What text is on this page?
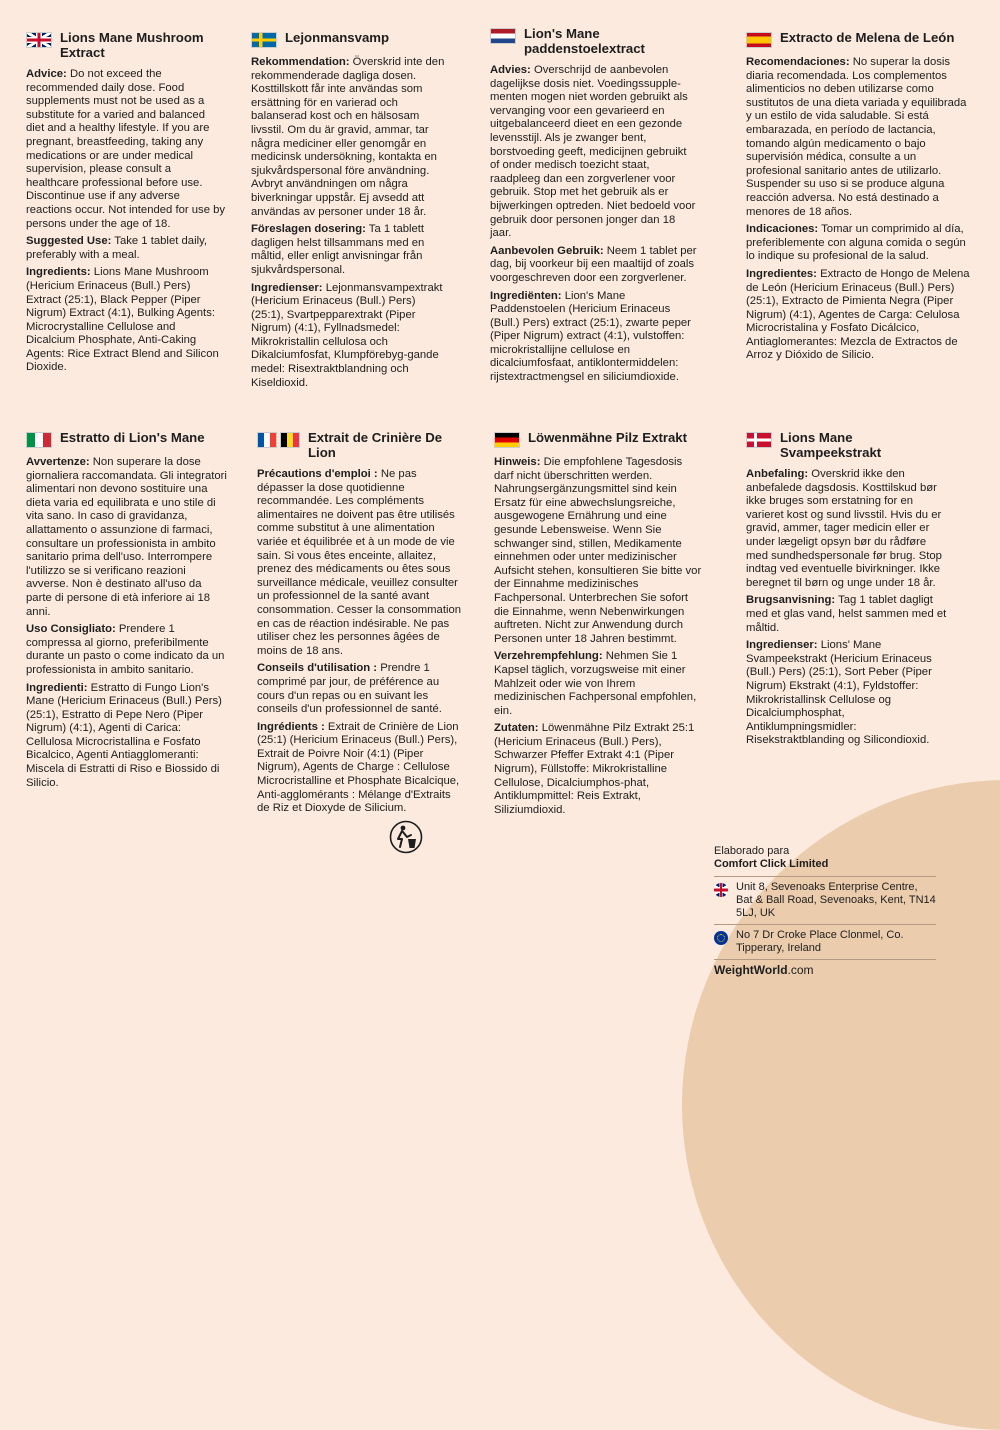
Lions Mane Mushroom Extract

Advice: Do not exceed the recommended daily dose. Food supplements must not be used as a substitute for a varied and balanced diet and a healthy lifestyle. If you are pregnant, breastfeeding, taking any medications or are under medical supervision, please consult a healthcare professional before use. Discontinue use if any adverse reactions occur. Not intended for use by persons under the age of 18.

Suggested Use: Take 1 tablet daily, preferably with a meal.

Ingredients: Lions Mane Mushroom (Hericium Erinaceus (Bull.) Pers) Extract (25:1), Black Pepper (Piper Nigrum) Extract (4:1), Bulking Agents: Microcrystalline Cellulose and Dicalcium Phosphate, Anti-Caking Agents: Rice Extract Blend and Silicon Dioxide.

Lejonmansvamp

Rekommendation: Överskrid inte den rekommenderade dagliga dosen. Kosttillskott får inte användas som ersättning för en varierad och balanserad kost och en hälsosam livsstil. Om du är gravid, ammar, tar några mediciner eller genomgår en medicinsk undersökning, kontakta en sjukvårdspersonal före användning. Avbryt användningen om några biverkningar uppstår. Ej avsedd att användas av personer under 18 år.

Föreslagen dosering: Ta 1 tablett dagligen helst tillsammans med en måltid, eller enligt anvisningar från sjukvårdspersonal.

Ingredienser: Lejonmansvampextrakt (Hericium Erinaceus (Bull.) Pers) (25:1), Svartpepparextrakt (Piper Nigrum) (4:1), Fyllnadsmedel: Mikrokristallin cellulosa och Dikalciumfosfat, Klumpförebyg-gande medel: Risextraktblandning och Kiseldioxid.

Lion's Mane paddenstoelextract

Advies: Overschrijd de aanbevolen dagelijkse dosis niet. Voedingssupple-menten mogen niet worden gebruikt als vervanging voor een gevarieerd en uitgebalanceerd dieet en een gezonde levensstijl. Als je zwanger bent, borstvoeding geeft, medicijnen gebruikt of onder medisch toezicht staat, raadpleeg dan een zorgverlener voor gebruik. Stop met het gebruik als er bijwerkingen optreden. Niet bedoeld voor gebruik door personen jonger dan 18 jaar.

Aanbevolen Gebruik: Neem 1 tablet per dag, bij voorkeur bij een maaltijd of zoals voorgeschreven door een zorgverlener.

Ingrediënten: Lion's Mane Paddenstoelen (Hericium Erinaceus (Bull.) Pers) extract (25:1), zwarte peper (Piper Nigrum) extract (4:1), vulstoffen: microkristallijne cellulose en dicalciumfosfaat, antiklontermiddelen: rijstextractmengsel en siliciumdioxide.

Extracto de Melena de León

Recomendaciones: No superar la dosis diaria recomendada. Los complementos alimenticios no deben utilizarse como sustitutos de una dieta variada y equilibrada y un estilo de vida saludable. Si está embarazada, en período de lactancia, tomando algún medicamento o bajo supervisión médica, consulte a un profesional sanitario antes de utilizarlo. Suspender su uso si se produce alguna reacción adversa. No está destinado a menores de 18 años.

Indicaciones: Tomar un comprimido al día, preferiblemente con alguna comida o según lo indique su profesional de la salud.

Ingredientes: Extracto de Hongo de Melena de León (Hericium Erinaceus (Bull.) Pers) (25:1), Extracto de Pimienta Negra (Piper Nigrum) (4:1), Agentes de Carga: Celulosa Microcristalina y Fosfato Dicálcico, Antiaglomerantes: Mezcla de Extractos de Arroz y Dióxido de Silicio.

Estratto di Lion's Mane

Avvertenze: Non superare la dose giornaliera raccomandata. Gli integratori alimentari non devono sostituire una dieta varia ed equilibrata e uno stile di vita sano. In caso di gravidanza, allattamento o assunzione di farmaci, consultare un professionista in ambito sanitario prima dell'uso. Interrompere l'utilizzo se si verificano reazioni avverse. Non è destinato all'uso da parte di persone di età inferiore ai 18 anni.

Uso Consigliato: Prendere 1 compressa al giorno, preferibilmente durante un pasto o come indicato da un professionista in ambito sanitario.

Ingredienti: Estratto di Fungo Lion's Mane (Hericium Erinaceus (Bull.) Pers) (25:1), Estratto di Pepe Nero (Piper Nigrum) (4:1), Agenti di Carica: Cellulosa Microcristallina e Fosfato Bicalcico, Agenti Antiagglomeranti: Miscela di Estratti di Riso e Biossido di Silicio.

Extrait de Crinière De Lion

Précautions d'emploi : Ne pas dépasser la dose quotidienne recommandée. Les compléments alimentaires ne doivent pas être utilisés comme substitut à une alimentation variée et équilibrée et à un mode de vie sain. Si vous êtes enceinte, allaitez, prenez des médicaments ou êtes sous surveillance médicale, veuillez consulter un professionnel de la santé avant consommation. Cesser la consommation en cas de réaction indésirable. Ne pas utiliser chez les personnes âgées de moins de 18 ans.

Conseils d'utilisation : Prendre 1 comprimé par jour, de préférence au cours d'un repas ou en suivant les conseils d'un professionnel de santé.

Ingrédients : Extrait de Crinière de Lion (25:1) (Hericium Erinaceus (Bull.) Pers), Extrait de Poivre Noir (4:1) (Piper Nigrum), Agents de Charge : Cellulose Microcristalline et Phosphate Bicalcique, Anti-agglomérants : Mélange d'Extraits de Riz et Dioxyde de Silicium.

Löwenmähne Pilz Extrakt

Hinweis: Die empfohlene Tagesdosis darf nicht überschritten werden. Nahrungsergänzungsmittel sind kein Ersatz für eine abwechslungsreiche, ausgewogene Ernährung und eine gesunde Lebensweise. Wenn Sie schwanger sind, stillen, Medikamente einnehmen oder unter medizinischer Aufsicht stehen, konsultieren Sie bitte vor der Einnahme medizinisches Fachpersonal. Unterbrechen Sie sofort die Einnahme, wenn Nebenwirkungen auftreten. Nicht zur Anwendung durch Personen unter 18 Jahren bestimmt.

Verzehrempfehlung: Nehmen Sie 1 Kapsel täglich, vorzugsweise mit einer Mahlzeit oder wie von Ihrem medizinischen Fachpersonal empfohlen, ein.

Zutaten: Löwenmähne Pilz Extrakt 25:1 (Hericium Erinaceus (Bull.) Pers), Schwarzer Pfeffer Extrakt 4:1 (Piper Nigrum), Füllstoffe: Mikrokristalline Cellulose, Dicalciumphos-phat, Antiklumpmittel: Reis Extrakt, Siliziumdioxid.

Lions Mane Svampeekstrakt

Anbefaling: Overskrid ikke den anbefalede dagsdosis. Kosttilskud bør ikke bruges som erstatning for en varieret kost og sund livsstil. Hvis du er gravid, ammer, tager medicin eller er under lægeligt opsyn bør du rådføre med sundhedspersonale før brug. Stop indtag ved eventuelle bivirkninger. Ikke beregnet til børn og unge under 18 år.

Brugsanvisning: Tag 1 tablet dagligt med et glas vand, helst sammen med et måltid.

Ingredienser: Lions' Mane Svampeekstrakt (Hericium Erinaceus (Bull.) Pers) (25:1), Sort Peber (Piper Nigrum) Ekstrakt (4:1), Fyldstoffer: Mikrokristallinsk Cellulose og Dicalciumphosphat, Antiklumpningsmidler: Risekstraktblanding og Silicondioxid.

Elaborado para
Comfort Click Limited
Unit 8, Sevenoaks Enterprise Centre, Bat & Ball Road, Sevenoaks, Kent, TN14 5LJ, UK
No 7 Dr Croke Place Clonmel, Co. Tipperary, Ireland
WeightWorld.com
